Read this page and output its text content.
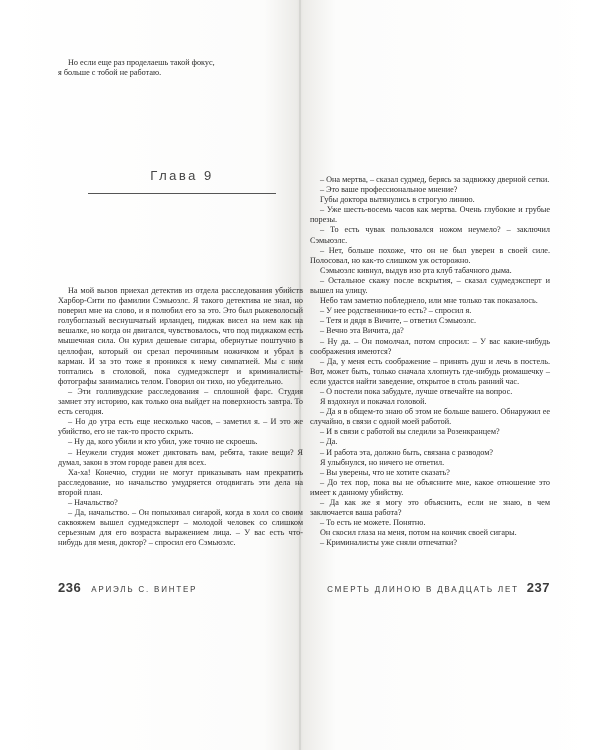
Но если еще раз проделаешь такой фокус,

я больше с тобой не работаю.

Глава 9

На мой вызов приехал детектив из отдела расследования убийств Харбор-Сити по фамилии Сэмьюэлс. Я такого детектива не знал, но поверил мне на слово, и я полюбил его за это. Это был рыжеволосый голубоглазый веснушчатый ирландец, пиджак висел на нем как на вешалке, но когда он двигался, чувствовалось, что под пиджаком есть мышечная сила. Он курил дешевые сигары, обернутые поштучно в целлофан, который он срезал перочинным ножичком и убрал в карман. И за это тоже я проникся к нему симпатией. Мы с ним топтались в столовой, пока судмедэксперт и криминалисты-фотографы занимались телом. Говорил он тихо, но убедительно.

– Эти голливудские расследования – сплошной фарс. Студия замнет эту историю, как только она выйдет на поверхность завтра. То есть сегодня.

– Но до утра есть еще несколько часов, – заметил я. – И это же убийство, его не так-то просто скрыть.

– Ну да, кого убили и кто убил, уже точно не скроешь.

– Неужели студия может диктовать вам, ребята, такие вещи? Я думал, закон в этом городе равен для всех.

Ха-ха! Конечно, студии не могут приказывать нам прекратить расследование, но начальство умудряется отодвигать эти дела на второй план.

– Начальство?

– Да, начальство. – Он попыхивал сигарой, когда в холл со своим саквояжем вышел судмедэксперт – молодой человек со слишком серьезным для его возраста выражением лица. – У вас есть что-нибудь для меня, доктор? – спросил его Сэмьюэлс.

236 АРИЭЛЬ С. ВИНТЕР

– Она мертва, – сказал судмед, берясь за задвижку дверной сетки.

– Это ваше профессиональное мнение?

Губы доктора вытянулись в строгую линию.

– Уже шесть-восемь часов как мертва. Очень глубокие и грубые порезы.

– То есть чувак пользовался ножом неумело? – заключил Сэмьюэлс.

– Нет, больше похоже, что он не был уверен в своей силе. Полосовал, но как-то слишком уж осторожно.

Сэмьюэлс кивнул, выдув изо рта клуб табачного дыма.

– Остальное скажу после вскрытия, – сказал судмедэксперт и вышел на улицу.

Небо там заметно побледнело, или мне только так показалось.

– У нее родственники-то есть? – спросил я.

– Тетя и дядя в Вичите, – ответил Сэмьюэлс.

– Вечно эта Вичита, да?

– Ну да. – Он помолчал, потом спросил: – У вас какие-нибудь соображения имеются?

– Да, у меня есть соображение – принять душ и лечь в постель. Вот, может быть, только сначала хлопнуть где-нибудь рюмашечку – если удастся найти заведение, открытое в столь ранний час.

– О постели пока забудьте, лучше отвечайте на вопрос.

Я вздохнул и покачал головой.

– Да я в общем-то знаю об этом не больше вашего. Обнаружил ее случайно, в связи с одной моей работой.

– И в связи с работой вы следили за Розенкранцем?

– Да.

– И работа эта, должно быть, связана с разводом?

Я улыбнулся, но ничего не ответил.

– Вы уверены, что не хотите сказать?

– До тех пор, пока вы не объясните мне, какое отношение это имеет к данному убийству.

– Да как же я могу это объяснить, если не знаю, в чем заключается ваша работа?

– То есть не можете. Понятно.

Он скосил глаза на меня, потом на кончик своей сигары.

– Криминалисты уже сняли отпечатки?

СМЕРТЬ ДЛИНОЮ В ДВАДЦАТЬ ЛЕТ 237
